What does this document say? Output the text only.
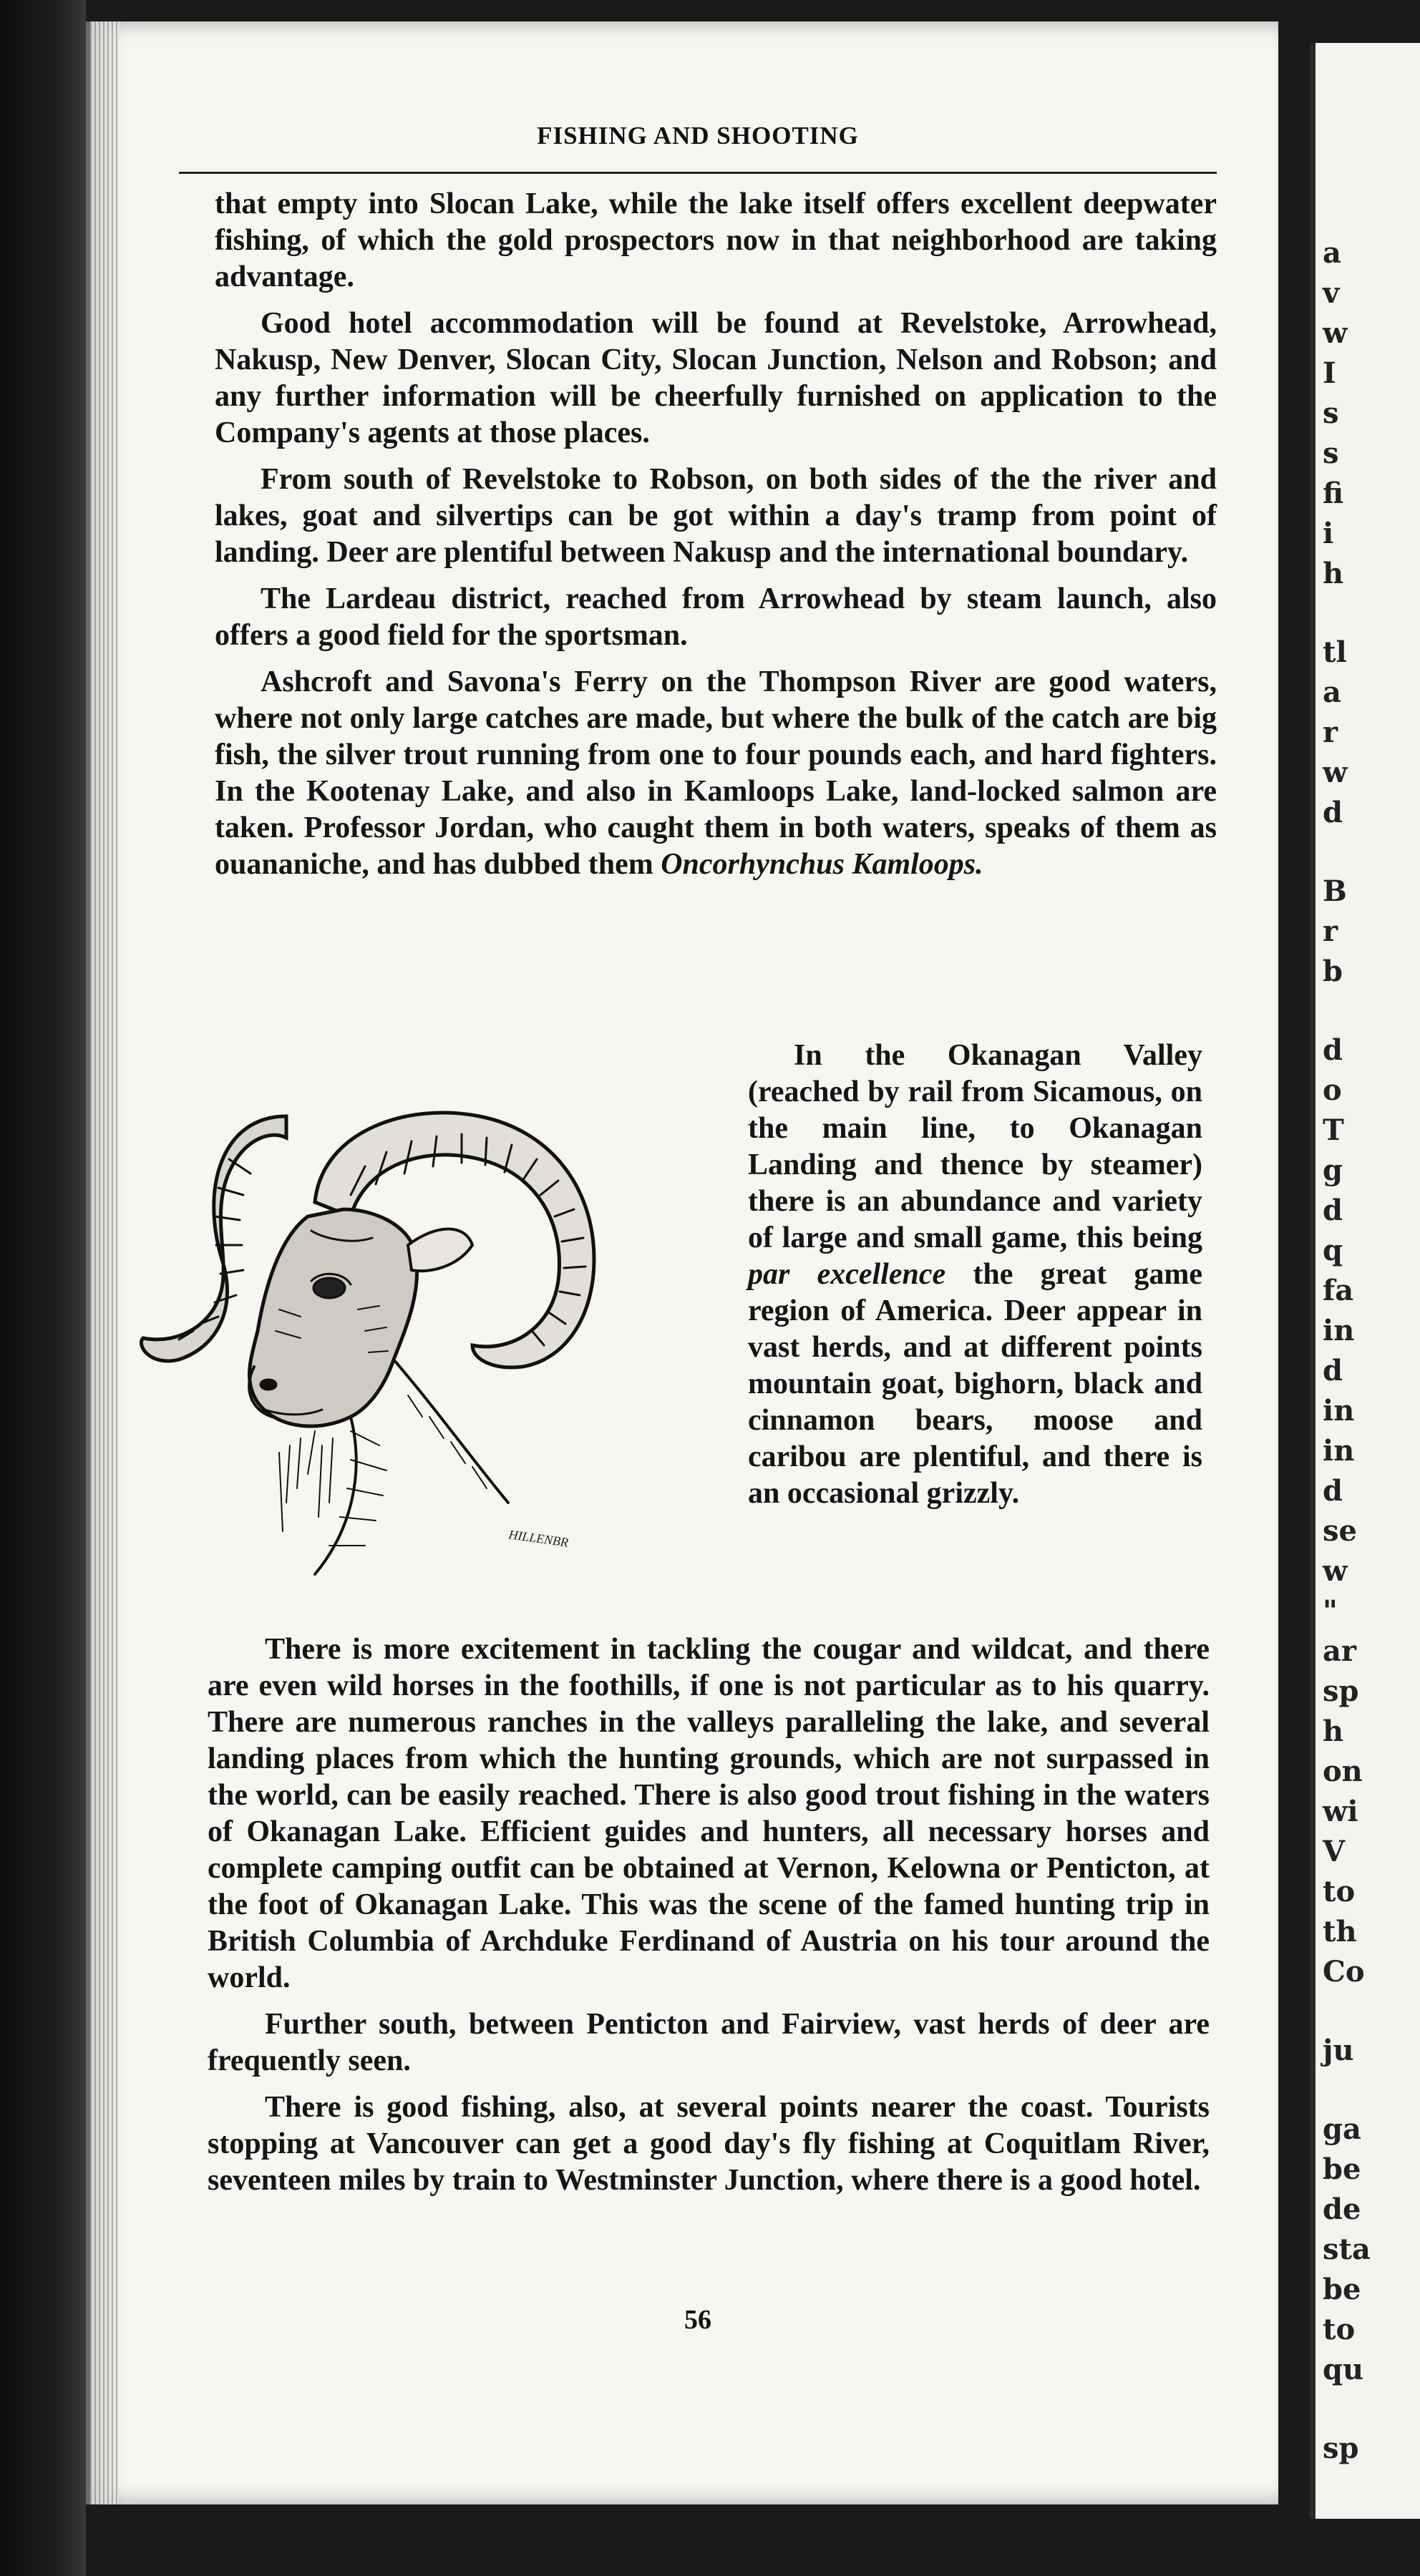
a
v
w
I
s
s
fi
i
h
tl
a
r
w
d
B
r
b
d
o
T
g
d
q
fa
in
d
in
in
d
se
w
"
ar
sp
h
on
wi
V
to
th
Co
ju
ga
be
de
sta
be
to
qu
sp
FISHING AND SHOOTING

that empty into Slocan Lake, while the lake itself offers excellent deepwater fishing, of which the gold prospectors now in that neighborhood are taking advantage.

Good hotel accommodation will be found at Revelstoke, Arrowhead, Nakusp, New Denver, Slocan City, Slocan Junction, Nelson and Robson; and any further information will be cheerfully furnished on application to the Company's agents at those places.

From south of Revelstoke to Robson, on both sides of the the river and lakes, goat and silvertips can be got within a day's tramp from point of landing. Deer are plentiful between Nakusp and the international boundary.

The Lardeau district, reached from Arrowhead by steam launch, also offers a good field for the sportsman.

Ashcroft and Savona's Ferry on the Thompson River are good waters, where not only large catches are made, but where the bulk of the catch are big fish, the silver trout running from one to four pounds each, and hard fighters. In the Kootenay Lake, and also in Kamloops Lake, land-locked salmon are taken. Professor Jordan, who caught them in both waters, speaks of them as ouananiche, and has dubbed them Oncorhynchus Kamloops.

HILLENBR

In the Okanagan Valley (reached by rail from Sicamous, on the main line, to Okanagan Landing and thence by steamer) there is an abundance and variety of large and small game, this being par excellence the great game region of America. Deer appear in vast herds, and at different points mountain goat, bighorn, black and cinnamon bears, moose and caribou are plentiful, and there is an occasional grizzly.

There is more excitement in tackling the cougar and wildcat, and there are even wild horses in the foothills, if one is not particular as to his quarry. There are numerous ranches in the valleys paralleling the lake, and several landing places from which the hunting grounds, which are not surpassed in the world, can be easily reached. There is also good trout fishing in the waters of Okanagan Lake. Efficient guides and hunters, all necessary horses and complete camping outfit can be obtained at Vernon, Kelowna or Penticton, at the foot of Okanagan Lake. This was the scene of the famed hunting trip in British Columbia of Archduke Ferdinand of Austria on his tour around the world.

Further south, between Penticton and Fairview, vast herds of deer are frequently seen.

There is good fishing, also, at several points nearer the coast. Tourists stopping at Vancouver can get a good day's fly fishing at Coquitlam River, seventeen miles by train to Westminster Junction, where there is a good hotel.

56
